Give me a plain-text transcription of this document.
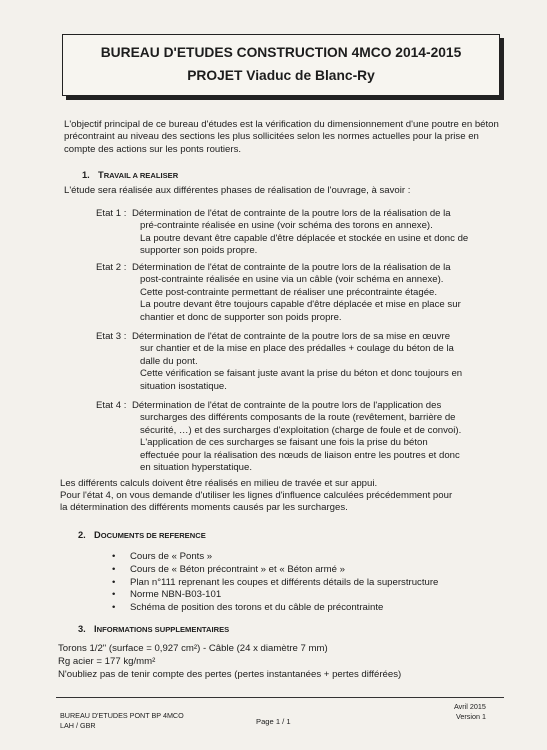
BUREAU D'ETUDES CONSTRUCTION 4MCO 2014-2015
PROJET Viaduc de Blanc-Ry
L'objectif principal de ce bureau d'études est la vérification du dimensionnement d'une poutre en béton précontraint au niveau des sections les plus sollicitées selon les normes actuelles pour la prise en compte des actions sur les ponts routiers.
1. TRAVAIL A REALISER
L'étude sera réalisée aux différentes phases de réalisation de l'ouvrage, à savoir :
Etat 1 : Détermination de l'état de contrainte de la poutre lors de la réalisation de la
pré-contrainte réalisée en usine (voir schéma des torons en annexe).
La poutre devant être capable d'être déplacée et stockée en usine et donc de
supporter son poids propre.
Etat 2 : Détermination de l'état de contrainte de la poutre lors de la réalisation de la
post-contrainte réalisée en usine via un câble (voir schéma en annexe).
Cette post-contrainte permettant de réaliser une précontrainte étagée.
La poutre devant être toujours capable d'être déplacée et mise en place sur
chantier et donc de supporter son poids propre.
Etat 3 : Détermination de l'état de contrainte de la poutre lors de sa mise en œuvre
sur chantier et de la mise en place des prédalles + coulage du béton de la
dalle du pont.
Cette vérification se faisant juste avant la prise du béton et donc toujours en
situation isostatique.
Etat 4 : Détermination de l'état de contrainte de la poutre lors de l'application des
surcharges des différents composants de la route (revêtement, barrière de
sécurité, …) et des surcharges d'exploitation (charge de foule et de convoi).
L'application de ces surcharges se faisant une fois la prise du béton
effectuée pour la réalisation des nœuds de liaison entre les poutres et donc
en situation hyperstatique.
Les différents calculs doivent être réalisés en milieu de travée et sur appui.
Pour l'état 4, on vous demande d'utiliser les lignes d'influence calculées précédemment pour
la détermination des différents moments causés par les surcharges.
2. DOCUMENTS DE REFERENCE
• Cours de « Ponts »
• Cours de « Béton précontraint » et « Béton armé »
• Plan n°111 reprenant les coupes et différents détails de la superstructure
• Norme NBN-B03-101
• Schéma de position des torons et du câble de précontrainte
3. INFORMATIONS SUPPLEMENTAIRES
Torons 1/2" (surface = 0,927 cm²) - Câble (24 x diamètre 7 mm)
Rg acier = 177 kg/mm²
N'oubliez pas de tenir compte des pertes (pertes instantanées + pertes différées)
BUREAU D'ETUDES PONT BP 4MCO
LAH / GBR	Page 1 / 1
Avril 2015
Version 1
